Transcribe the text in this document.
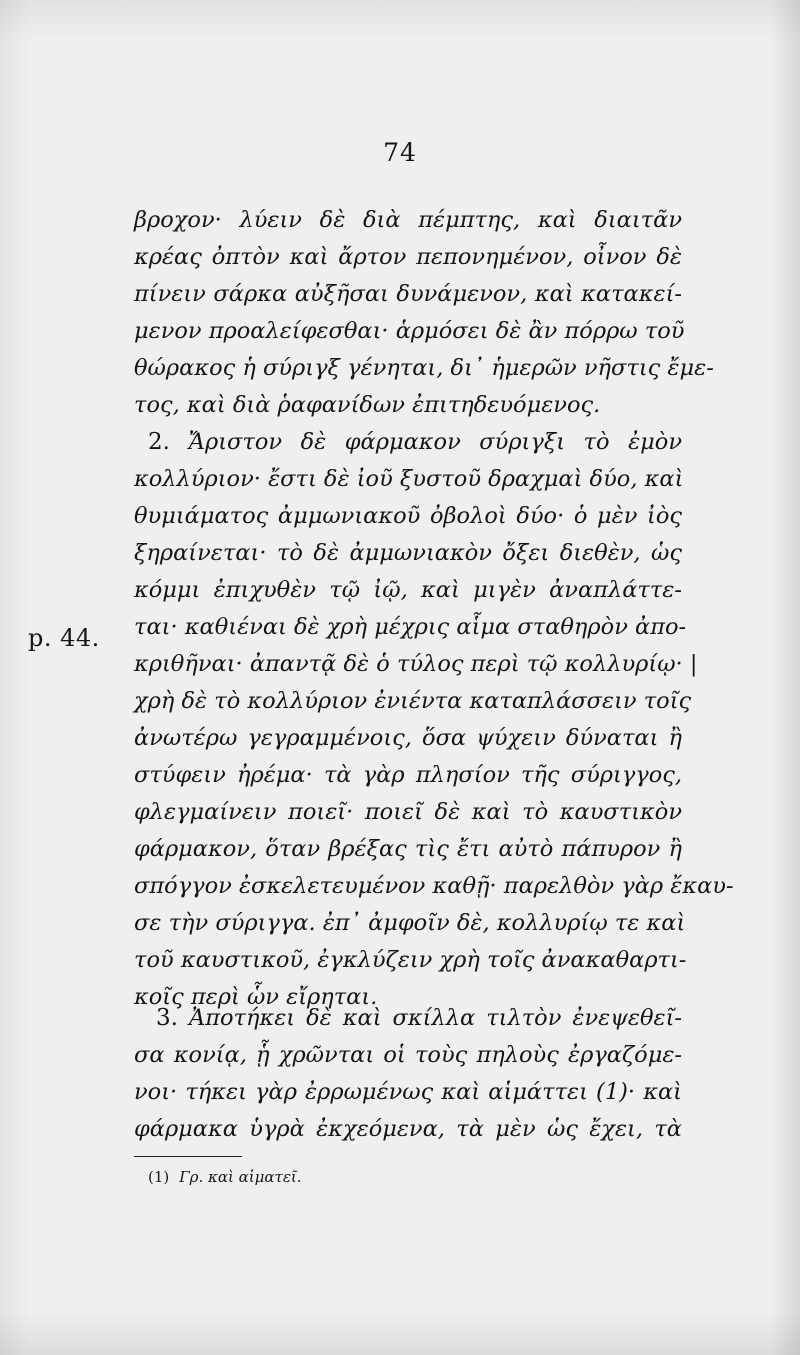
74
βροχον· λύειν δὲ διὰ πέμπτης, καὶ διαιτᾶν
κρέας ὀπτὸν καὶ ἄρτον πεπονημένον, οἶνον δὲ
πίνειν σάρκα αὐξῆσαι δυνάμενον, καὶ κατακεί-
μενον προαλείφεσθαι· ἁρμόσει δὲ ἂν πόρρω τοῦ
θώρακος ἡ σύριγξ γένηται, δι᾽ ἡμερῶν νῆστις ἔμε-
τος, καὶ διὰ ῥαφανίδων ἐπιτηδευόμενος.
2. Ἄριστον δὲ φάρμακον σύριγξι τὸ ἐμὸν
κολλύριον· ἔστι δὲ ἰοῦ ξυστοῦ δραχμαὶ δύο, καὶ
θυμιάματος ἀμμωνιακοῦ ὀβολοὶ δύο· ὁ μὲν ἰὸς
ξηραίνεται· τὸ δὲ ἀμμωνιακὸν ὄξει διεθὲν, ὡς
κόμμι ἐπιχυθὲν τῷ ἰῷ, καὶ μιγὲν ἀναπλάττε-
ται· καθιέναι δὲ χρὴ μέχρις αἷμα σταθηρὸν ἀπο-
κριθῆναι· ἀπαντᾷ δὲ ὁ τύλος περὶ τῷ κολλυρίῳ· |
χρὴ δὲ τὸ κολλύριον ἐνιέντα καταπλάσσειν τοῖς
ἀνωτέρω γεγραμμένοις, ὅσα ψύχειν δύναται ἢ
στύφειν ἠρέμα· τὰ γὰρ πλησίον τῆς σύριγγος,
φλεγμαίνειν ποιεῖ· ποιεῖ δὲ καὶ τὸ καυστικὸν
φάρμακον, ὅταν βρέξας τὶς ἔτι αὐτὸ πάπυρον ἢ
σπόγγον ἐσκελετευμένον καθῇ· παρελθὸν γὰρ ἔκαυ-
σε τὴν σύριγγα. ἐπ᾽ ἀμφοῖν δὲ, κολλυρίῳ τε καὶ
τοῦ καυστικοῦ, ἐγκλύζειν χρὴ τοῖς ἀνακαθαρτι-
κοῖς περὶ ὧν εἴρηται.
p. 44.
3. Ἀποτήκει δὲ καὶ σκίλλα τιλτὸν ἐνεψεθεῖ-
σα κονίᾳ, ᾗ χρῶνται οἱ τοὺς πηλοὺς ἐργαζόμε-
νοι· τήκει γὰρ ἐρρωμένως καὶ αἱμάττει (1)· καὶ
φάρμακα ὑγρὰ ἐκχεόμενα, τὰ μὲν ὡς ἔχει, τὰ
(1) Γρ. καὶ αἱματεῖ.
